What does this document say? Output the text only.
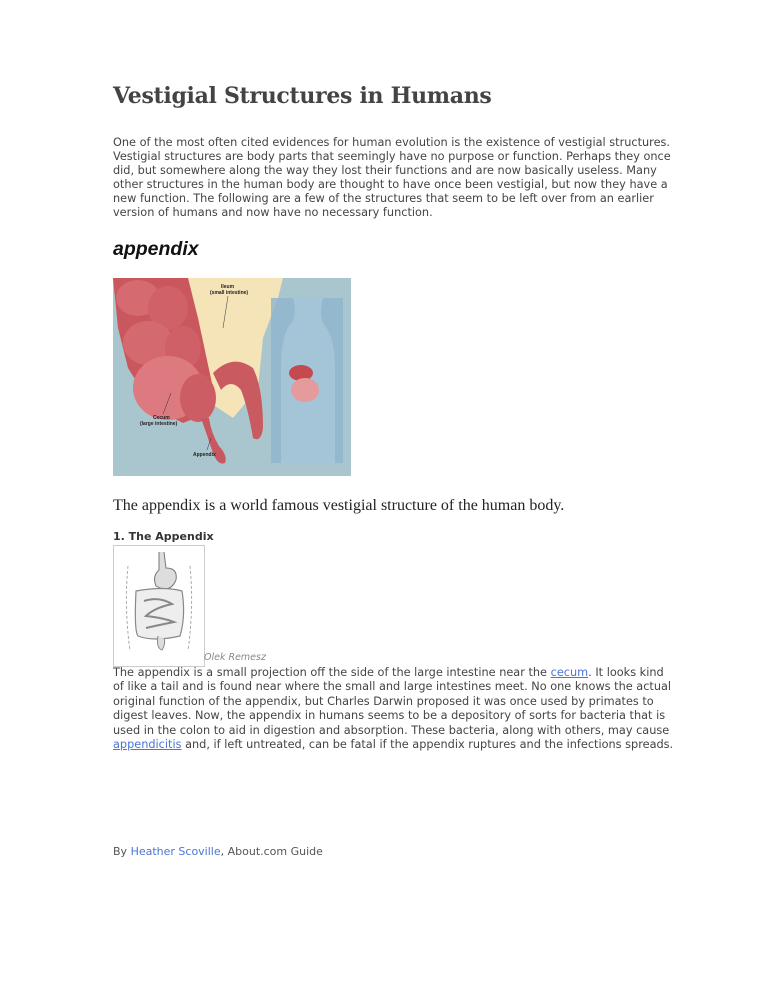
Vestigial Structures in Humans

One of the most often cited evidences for human evolution is the existence of vestigial structures. Vestigial structures are body parts that seemingly have no purpose or function. Perhaps they once did, but somewhere along the way they lost their functions and are now basically useless. Many other structures in the human body are thought to have once been vestigial, but now they have a new function. The following are a few of the structures that seem to be left over from an earlier version of humans and now have no necessary function.

appendix
Ileum
(small intestine)
Cecum
(large intestine)
Appendix

The appendix is a world famous vestigial structure of the human body.

1. The Appendix
Olek Remesz

The appendix is a small projection off the side of the large intestine near the cecum. It looks kind of like a tail and is found near where the small and large intestines meet. No one knows the actual original function of the appendix, but Charles Darwin proposed it was once used by primates to digest leaves. Now, the appendix in humans seems to be a depository of sorts for bacteria that is used in the colon to aid in digestion and absorption. These bacteria, along with others, may cause appendicitis and, if left untreated, can be fatal if the appendix ruptures and the infections spreads.

By Heather Scoville, About.com Guide
